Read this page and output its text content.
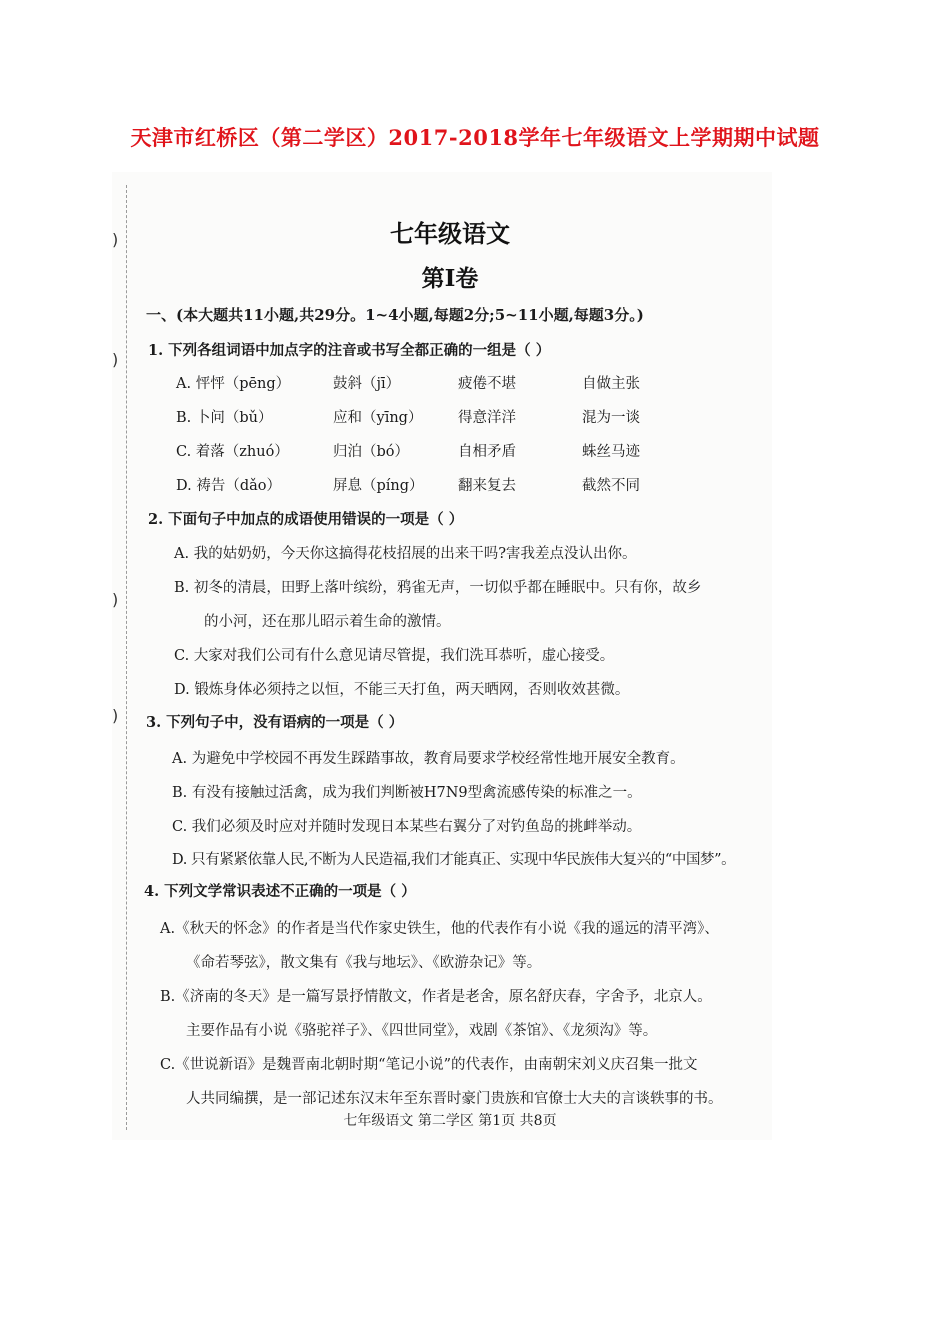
天津市红桥区（第二学区）2017-2018学年七年级语文上学期期中试题
)
)
)
)
七年级语文
第Ⅰ卷
一、(本大题共11小题,共29分。1~4小题,每题2分;5~11小题,每题3分。)
1. 下列各组词语中加点字的注音或书写全都正确的一组是（ ）
A. 怦怦（pēng）	鼓斜（jī）	疲倦不堪	自做主张
B. 卜问（bǔ）	应和（yīng） 得意洋洋	混为一谈
C. 着落（zhuó）	归泊（bó）	自相矛盾	蛛丝马迹
D. 祷告（dǎo）	屏息（píng） 翻来复去	截然不同
2. 下面句子中加点的成语使用错误的一项是（ ）
A. 我的姑奶奶，今天你这搞得花枝招展的出来干吗?害我差点没认出你。
B. 初冬的清晨，田野上落叶缤纷，鸦雀无声，一切似乎都在睡眠中。只有你，故乡
的小河，还在那儿昭示着生命的激情。
C. 大家对我们公司有什么意见请尽管提，我们洗耳恭听，虚心接受。
D. 锻炼身体必须持之以恒，不能三天打鱼，两天晒网，否则收效甚微。
3. 下列句子中，没有语病的一项是（ ）
A. 为避免中学校园不再发生踩踏事故，教育局要求学校经常性地开展安全教育。
B. 有没有接触过活禽，成为我们判断被H7N9型禽流感传染的标准之一。
C. 我们必须及时应对并随时发现日本某些右翼分了对钓鱼岛的挑衅举动。
D. 只有紧紧依靠人民,不断为人民造福,我们才能真正、实现中华民族伟大复兴的“中国梦”。
4. 下列文学常识表述不正确的一项是（ ）
A.《秋天的怀念》的作者是当代作家史铁生，他的代表作有小说《我的遥远的清平湾》、
《命若琴弦》，散文集有《我与地坛》、《欧游杂记》等。
B.《济南的冬天》是一篇写景抒情散文，作者是老舍，原名舒庆春，字舍予，北京人。
主要作品有小说《骆驼祥子》、《四世同堂》，戏剧《茶馆》、《龙须沟》等。
C.《世说新语》是魏晋南北朝时期“笔记小说”的代表作，由南朝宋刘义庆召集一批文
人共同编撰，是一部记述东汉末年至东晋时豪门贵族和官僚士大夫的言谈轶事的书。
七年级语文 第二学区 第1页 共8页
